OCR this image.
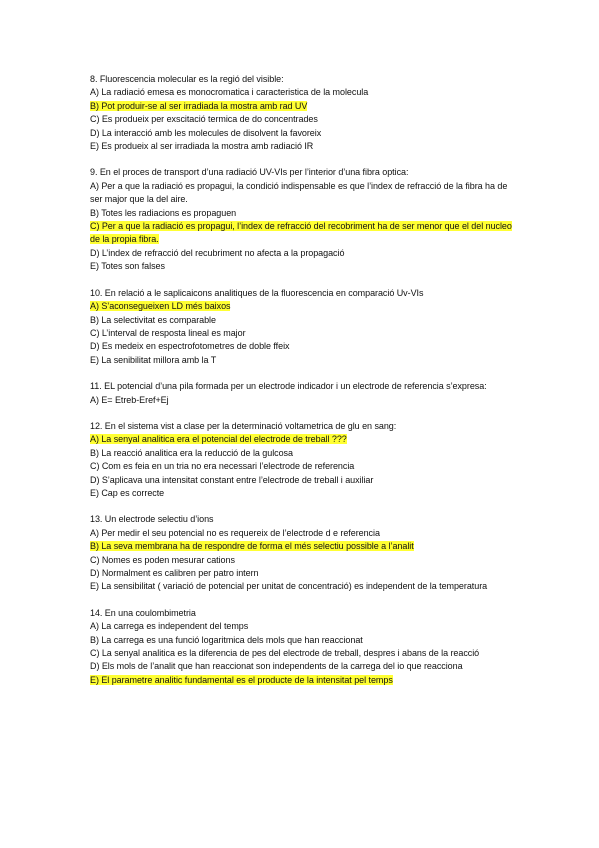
8. Fluorescencia molecular es la regió del visible:
A) La radiació emesa es monocromatica i caracteristica de la molecula
B) Pot produir-se al ser irradiada la mostra amb rad UV
C) Es produeix per exscitació termica de do concentrades
D) La interacció amb les molecules de disolvent la favoreix
E) Es produeix al ser irradiada la mostra amb radiació IR
9. En el proces de transport d’una radiació UV-VIs per l’interior d’una fibra optica:
A) Per a que la radiació es propagui, la condició indispensable es que l’index de refracció de la fibra ha de ser major que la del aire.
B) Totes les radiacions es propaguen
C) Per a que la radiació es propagui, l’index de refracció del recobriment ha de ser menor que el del nucleo de la propia fibra.
D) L’index de refracció del recubriment no afecta a la propagació
E) Totes son falses
10. En relació a le saplicaicons analitiques de la fluorescencia en comparació Uv-VIs
A) S’aconsegueixen LD més baixos
B) La selectivitat es comparable
C) L’interval de resposta lineal es major
D) Es medeix en espectrofotometres de doble ffeix
E) La senibilitat millora amb la T
11. EL potencial d’una pila formada per un electrode indicador i un electrode de referencia s’expresa:
A) E= Etreb-Eref+Ej
12. En el sistema vist a clase per la determinació voltametrica de glu en sang:
A) La senyal analitica era el potencial del electrode de treball ???
B) La reacció analitica era la reducció de la gulcosa
C) Com es feia en un tria no era necessari l’electrode de referencia
D) S’aplicava una intensitat constant entre l’electrode de treball i auxiliar
E) Cap es correcte
13. Un electrode selectiu d’ions
A) Per medir el seu potencial no es requereix de l’electrode d e referencia
B) La seva membrana ha de respondre de forma el més selectiu possible a l’analit
C) Nomes es poden mesurar cations
D) Normalment es calibren per patro intern
E) La sensibilitat ( variació de potencial per unitat de concentració) es independent de la temperatura
14. En una coulombimetria
A) La carrega es independent del temps
B) La carrega es una funció logaritmica dels mols que han reaccionat
C) La senyal analitica es la diferencia de pes del electrode de treball, despres i abans de la reacció
D) Els mols de l’analit que han reaccionat son independents de la carrega del io que reacciona
E) El parametre analitic fundamental es el producte de la intensitat pel temps
